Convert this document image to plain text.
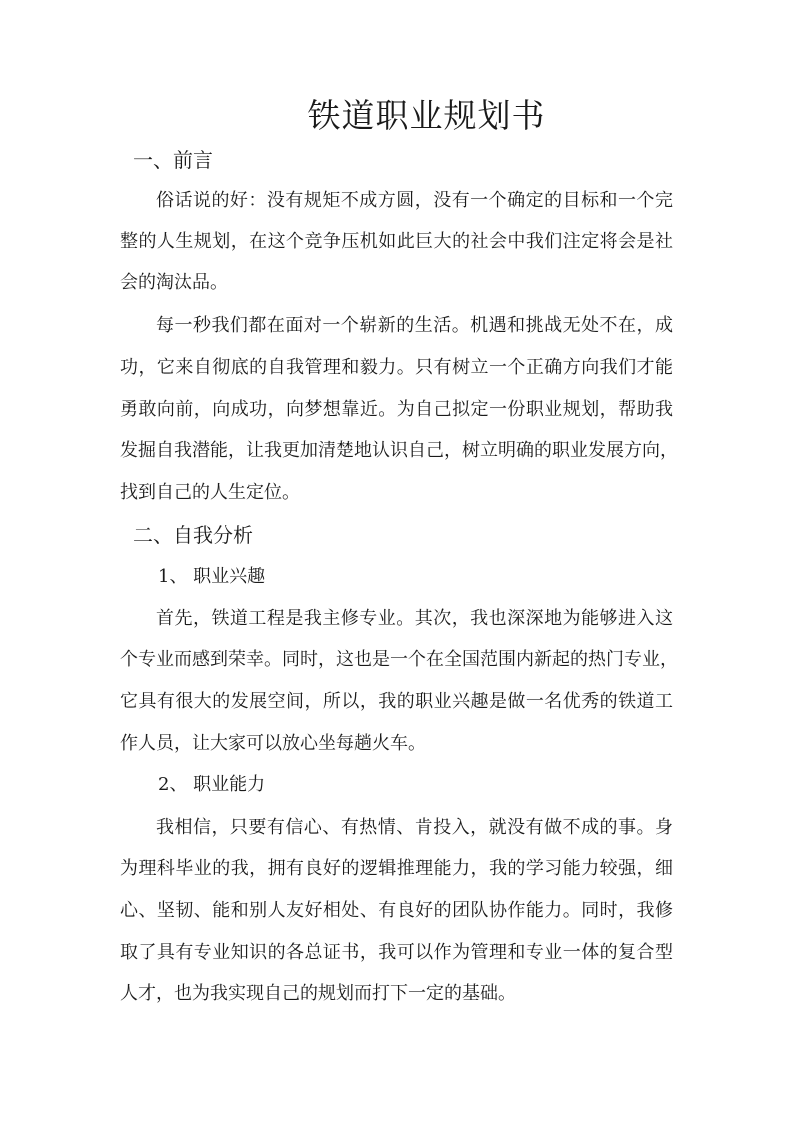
铁道职业规划书
一、前言

俗话说的好：没有规矩不成方圆，没有一个确定的目标和一个完

整的人生规划，在这个竞争压机如此巨大的社会中我们注定将会是社

会的淘汰品。

每一秒我们都在面对一个崭新的生活。机遇和挑战无处不在，成

功，它来自彻底的自我管理和毅力。只有树立一个正确方向我们才能

勇敢向前，向成功，向梦想靠近。为自己拟定一份职业规划，帮助我

发掘自我潜能，让我更加清楚地认识自己，树立明确的职业发展方向，

找到自己的人生定位。

二、自我分析
1、 职业兴趣

首先，铁道工程是我主修专业。其次，我也深深地为能够进入这

个专业而感到荣幸。同时，这也是一个在全国范围内新起的热门专业，

它具有很大的发展空间，所以，我的职业兴趣是做一名优秀的铁道工

作人员，让大家可以放心坐每趟火车。

2、 职业能力

我相信，只要有信心、有热情、肯投入，就没有做不成的事。身

为理科毕业的我，拥有良好的逻辑推理能力，我的学习能力较强，细

心、坚韧、能和别人友好相处、有良好的团队协作能力。同时，我修

取了具有专业知识的各总证书，我可以作为管理和专业一体的复合型

人才，也为我实现自己的规划而打下一定的基础。
